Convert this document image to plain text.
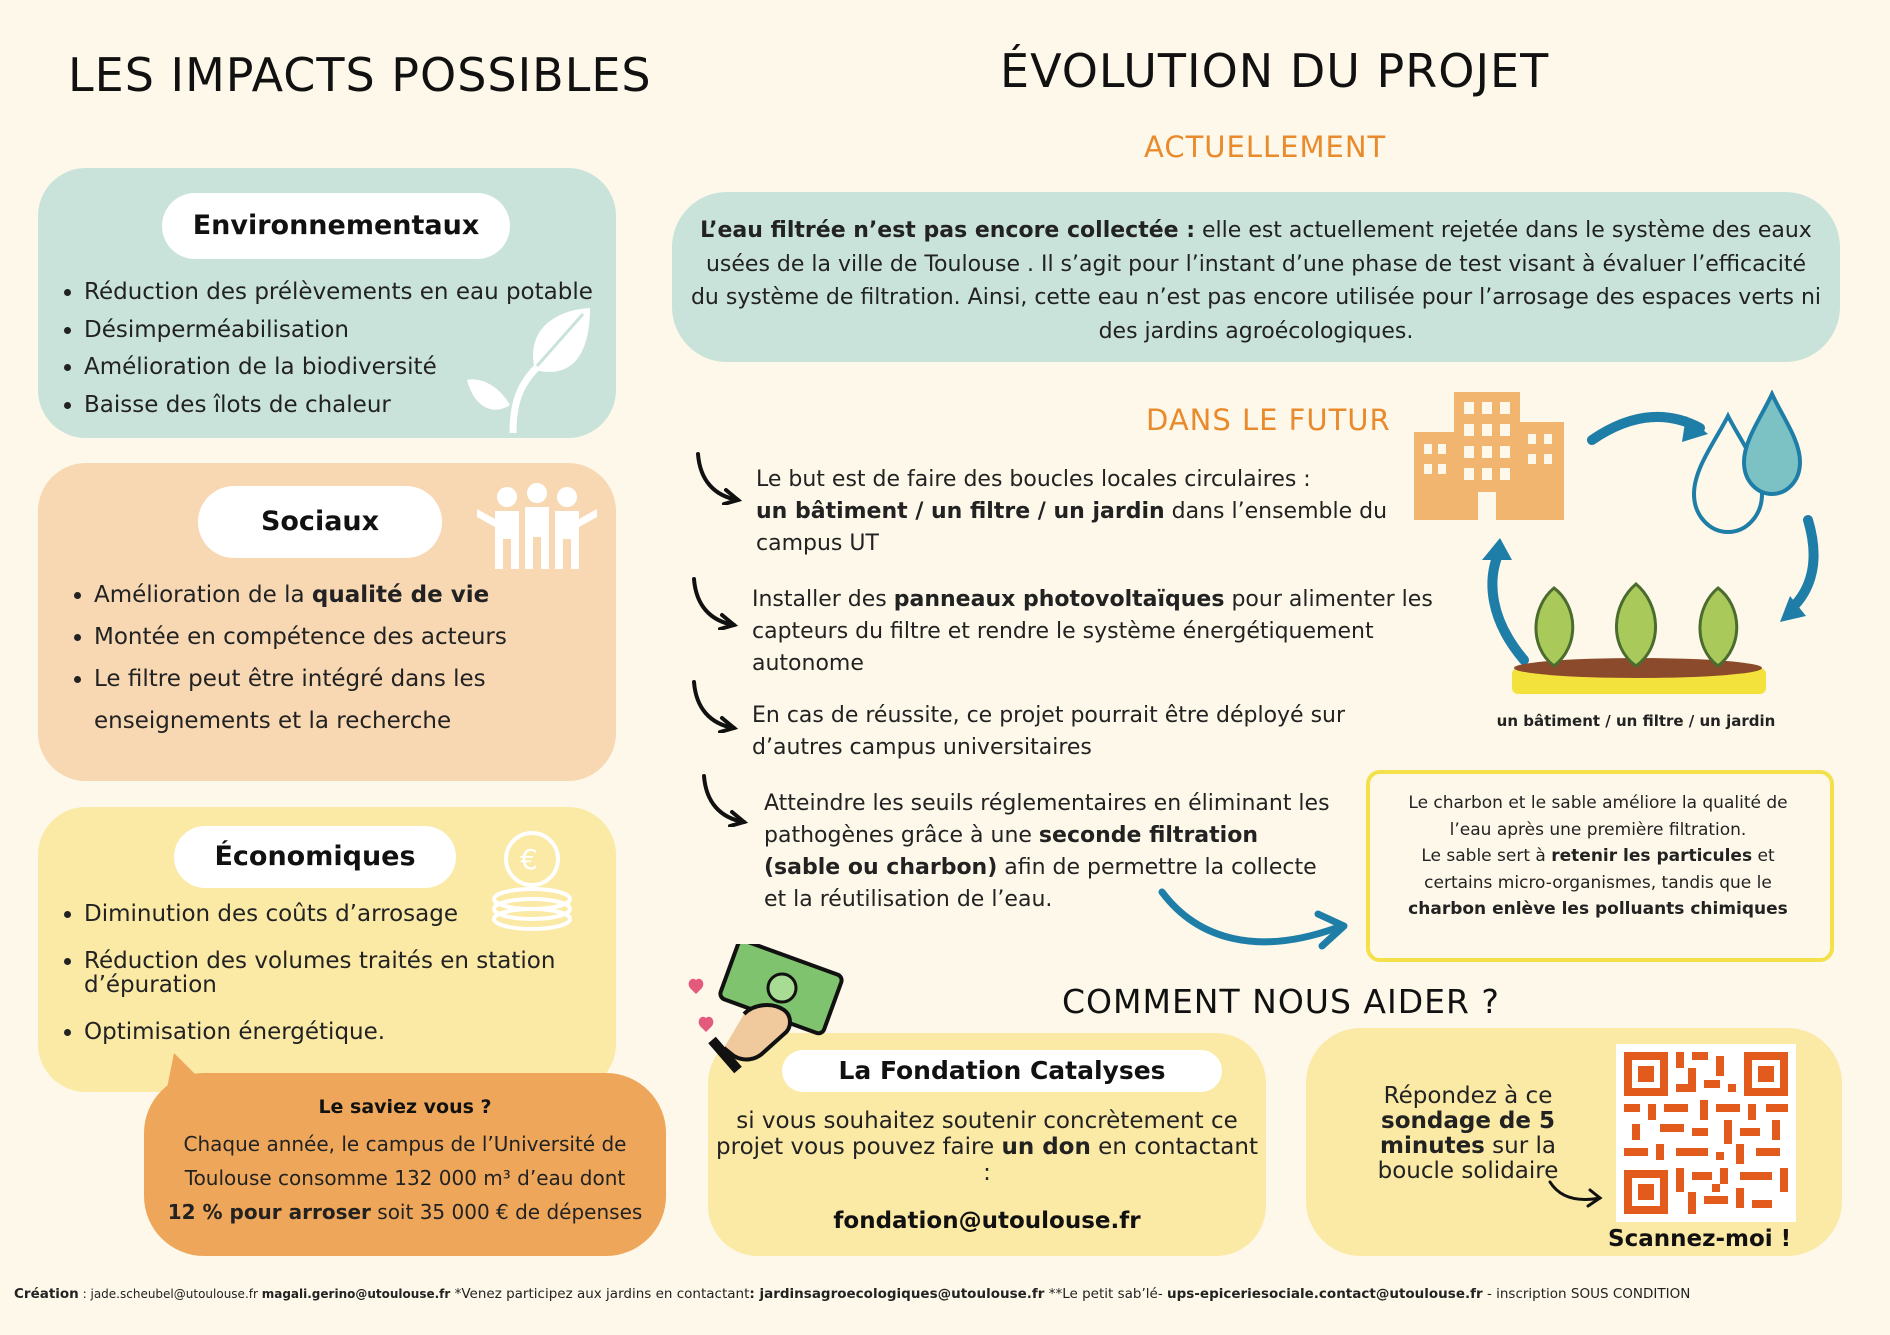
LES IMPACTS POSSIBLES
Environnementaux
• Réduction des prélèvements en eau potable
• Désimperméabilisation
• Amélioration de la biodiversité
• Baisse des îlots de chaleur
Sociaux
• Amélioration de la qualité de vie
• Montée en compétence des acteurs
• Le filtre peut être intégré dans les enseignements et la recherche
Économiques	€
• Diminution des coûts d’arrosage
• Réduction des volumes traités en station d’épuration
• Optimisation énergétique.
Le saviez vous ?
Chaque année, le campus de l’Université de
Toulouse consomme 132 000 m³ d’eau dont
12 % pour arroser soit 35 000 € de dépenses
ÉVOLUTION DU PROJET
ACTUELLEMENT
L’eau filtrée n’est pas encore collectée : elle est actuellement rejetée dans le système des eaux usées de la ville de Toulouse . Il s’agit pour l’instant d’une phase de test visant à évaluer l’efficacité du système de filtration. Ainsi, cette eau n’est pas encore utilisée pour l’arrosage des espaces verts ni des jardins agroécologiques.
DANS LE FUTUR
Le but est de faire des boucles locales circulaires :
un bâtiment / un filtre / un jardin dans l’ensemble du campus UT
Installer des panneaux photovoltaïques pour alimenter les capteurs du filtre et rendre le système énergétiquement autonome
En cas de réussite, ce projet pourrait être déployé sur d’autres campus universitaires
Atteindre les seuils réglementaires en éliminant les pathogènes grâce à une seconde filtration (sable ou charbon) afin de permettre la collecte et la réutilisation de l’eau.
un bâtiment / un filtre / un jardin
Le charbon et le sable améliore la qualité de l’eau après une première filtration.
Le sable sert à retenir les particules et certains micro-organismes, tandis que le charbon enlève les polluants chimiques
COMMENT NOUS AIDER ?
La Fondation Catalyses
si vous souhaitez soutenir concrètement ce projet vous pouvez faire un don en contactant :
fondation@utoulouse.fr
Répondez à ce
sondage de 5 minutes sur la boucle solidaire
Scannez-moi !
Création : jade.scheubel@utoulouse.fr magali.gerino@utoulouse.fr *Venez participez aux jardins en contactant: jardinsagroecologiques@utoulouse.fr **Le petit sab’lé- ups-epiceriesociale.contact@utoulouse.fr - inscription SOUS CONDITION
